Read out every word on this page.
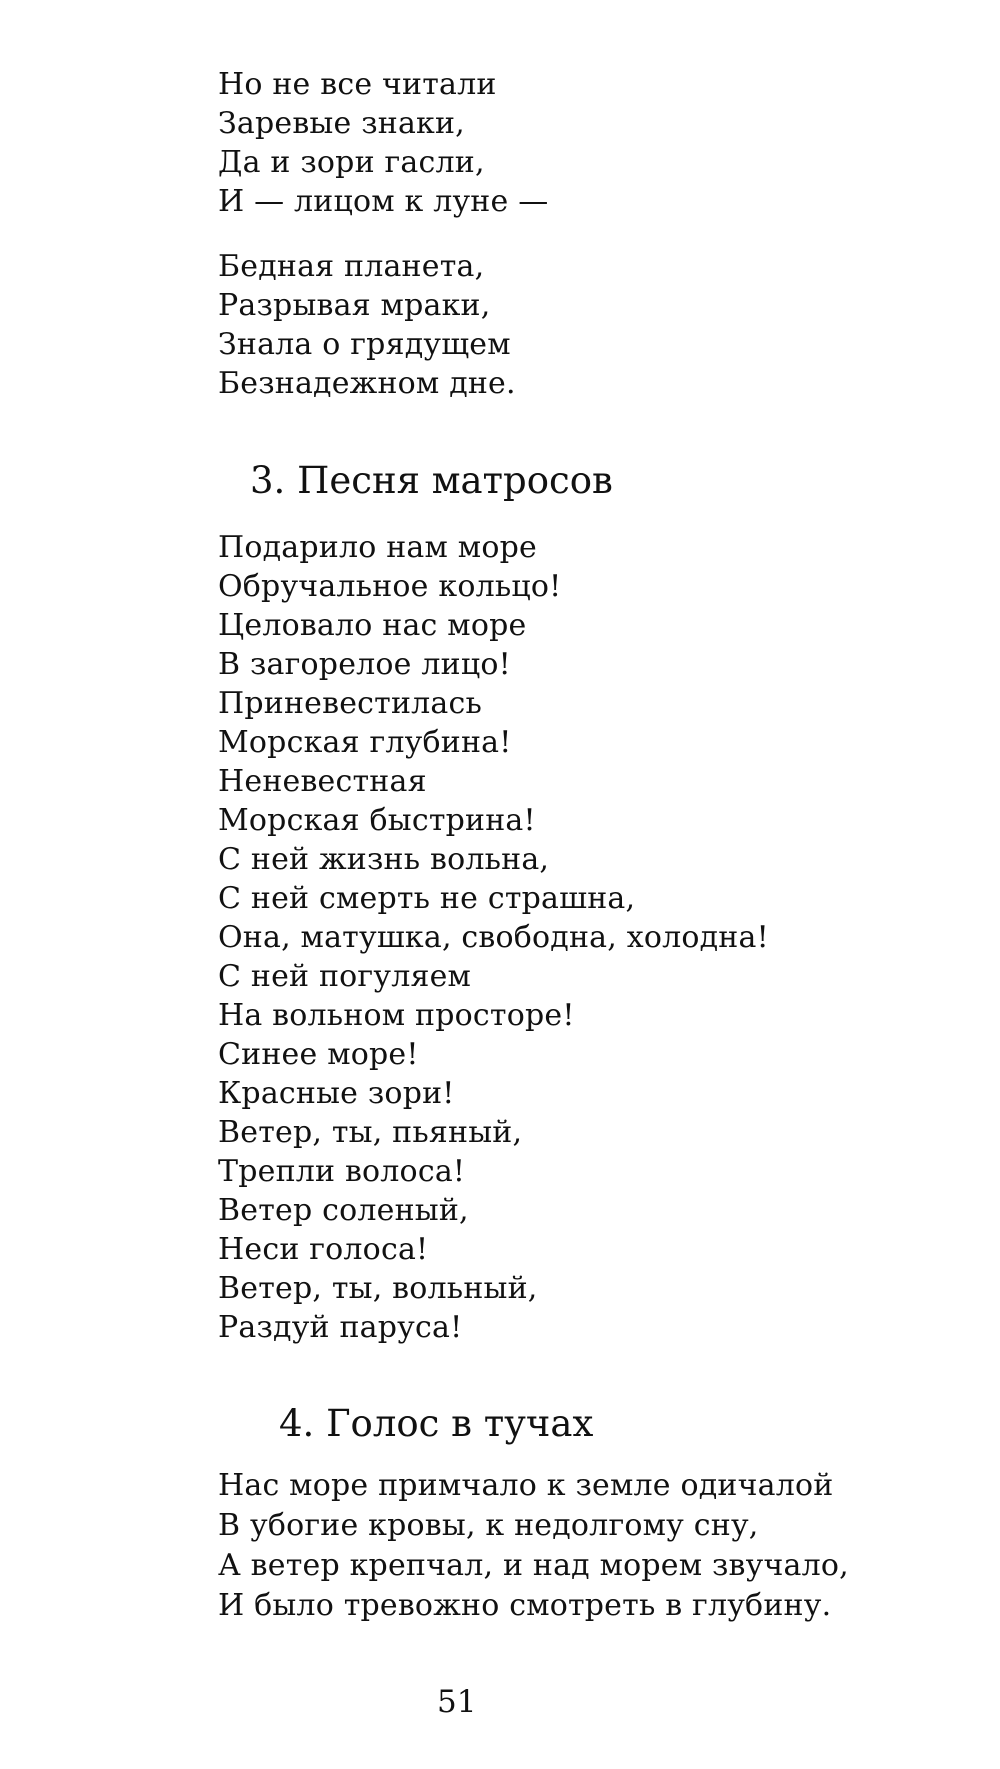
Но не все читали
Заревые знаки,
Да и зори гасли,
И — лицом к луне —
Бедная планета,
Разрывая мраки,
Знала о грядущем
Безнадежном дне.
3. Песня матросов
Подарило нам море
Обручальное кольцо!
Целовало нас море
В загорелое лицо!
Приневестилась
Морская глубина!
Неневестная
Морская быстрина!
С ней жизнь вольна,
С ней смерть не страшна,
Она, матушка, свободна, холодна!
С ней погуляем
На вольном просторе!
Синее море!
Красные зори!
Ветер, ты, пьяный,
Трепли волоса!
Ветер соленый,
Неси голоса!
Ветер, ты, вольный,
Раздуй паруса!
4. Голос в тучах
Нас море примчало к земле одичалой
В убогие кровы, к недолгому сну,
А ветер крепчал, и над морем звучало,
И было тревожно смотреть в глубину.

51
